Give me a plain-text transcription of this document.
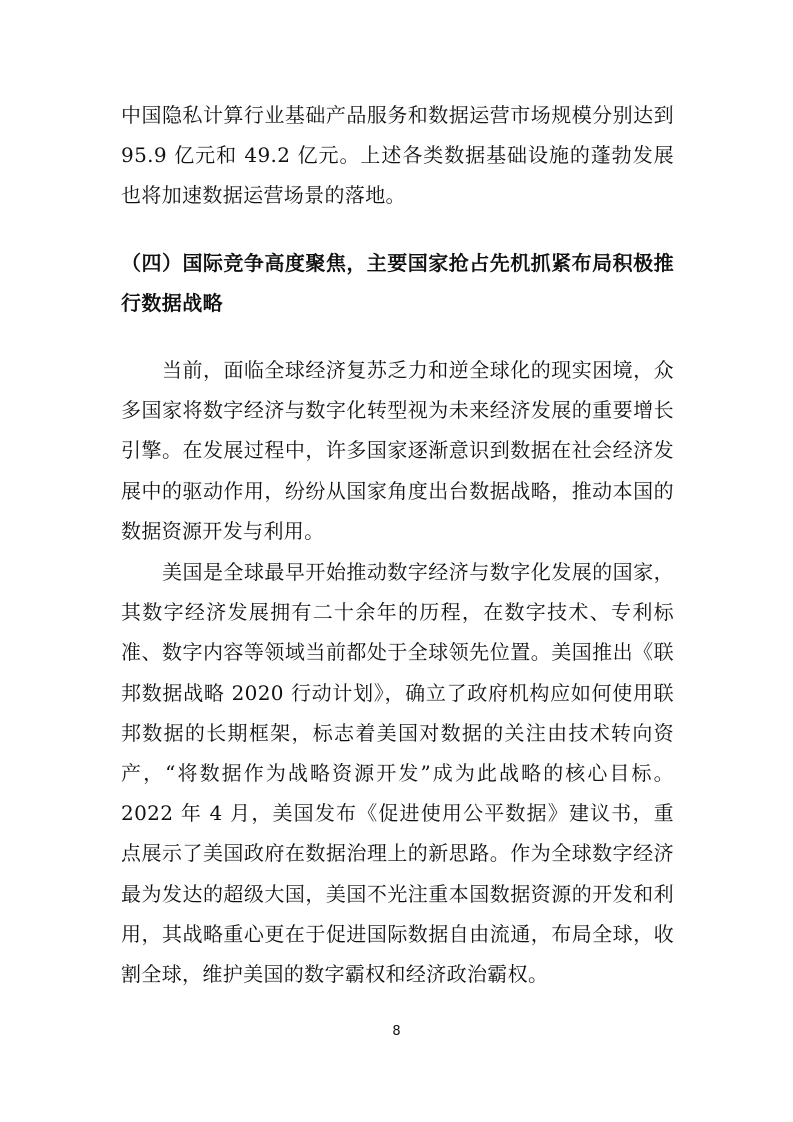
中国隐私计算行业基础产品服务和数据运营市场规模分别达到 95.9 亿元和 49.2 亿元。上述各类数据基础设施的蓬勃发展也将加速数据运营场景的落地。

（四）国际竞争高度聚焦，主要国家抢占先机抓紧布局积极推行数据战略

当前，面临全球经济复苏乏力和逆全球化的现实困境，众多国家将数字经济与数字化转型视为未来经济发展的重要增长引擎。在发展过程中，许多国家逐渐意识到数据在社会经济发展中的驱动作用，纷纷从国家角度出台数据战略，推动本国的数据资源开发与利用。

美国是全球最早开始推动数字经济与数字化发展的国家，其数字经济发展拥有二十余年的历程，在数字技术、专利标准、数字内容等领域当前都处于全球领先位置。美国推出《联邦数据战略 2020 行动计划》，确立了政府机构应如何使用联邦数据的长期框架，标志着美国对数据的关注由技术转向资产，“将数据作为战略资源开发”成为此战略的核心目标。2022 年 4 月，美国发布《促进使用公平数据》建议书，重点展示了美国政府在数据治理上的新思路。作为全球数字经济最为发达的超级大国，美国不光注重本国数据资源的开发和利用，其战略重心更在于促进国际数据自由流通，布局全球，收割全球，维护美国的数字霸权和经济政治霸权。

8
